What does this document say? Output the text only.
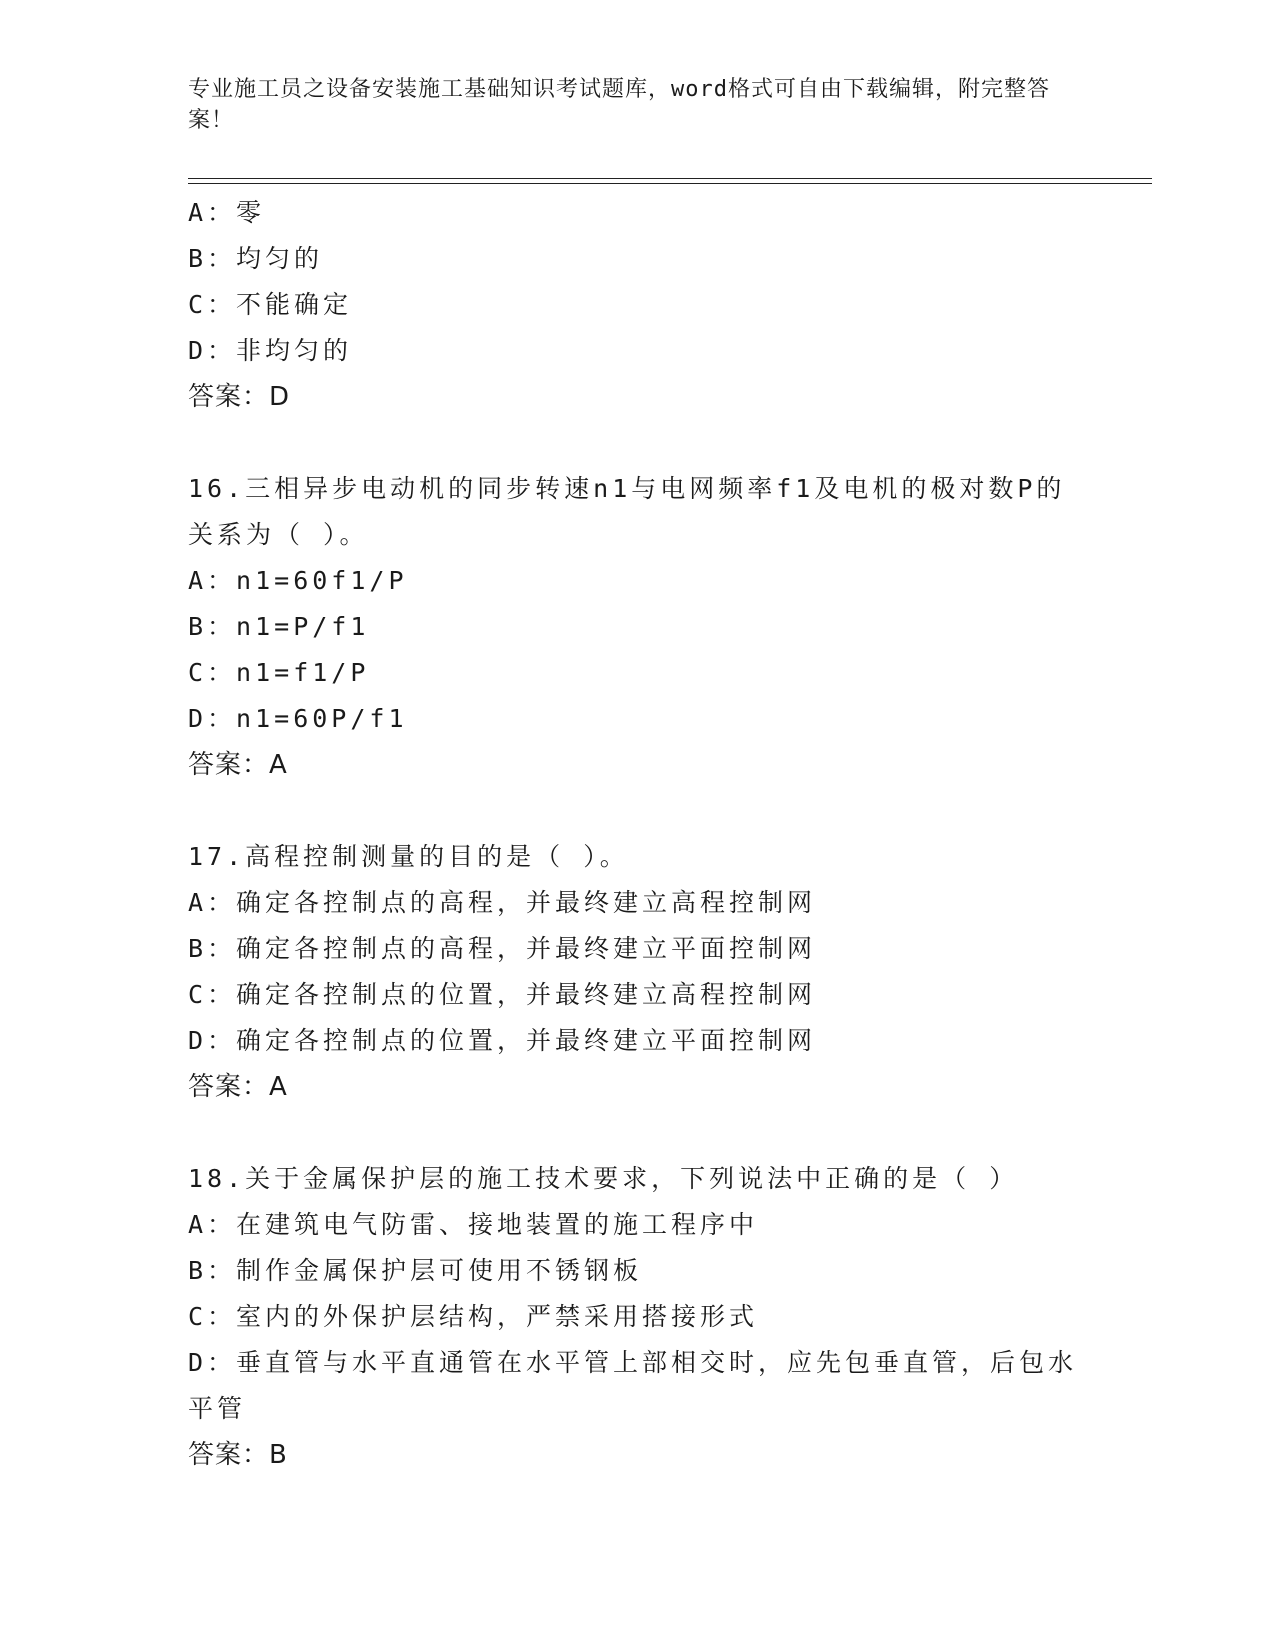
专业施工员之设备安装施工基础知识考试题库，word格式可自由下载编辑，附完整答案！

A：零

B：均匀的

C：不能确定

D：非均匀的

答案：D

16.三相异步电动机的同步转速n1与电网频率f1及电机的极对数P的关系为（ ）。

A：n1=60f1/P

B：n1=P/f1

C：n1=f1/P

D：n1=60P/f1

答案：A

17.高程控制测量的目的是（ ）。

A：确定各控制点的高程，并最终建立高程控制网

B：确定各控制点的高程，并最终建立平面控制网

C：确定各控制点的位置，并最终建立高程控制网

D：确定各控制点的位置，并最终建立平面控制网

答案：A

18.关于金属保护层的施工技术要求，下列说法中正确的是（ ）

A：在建筑电气防雷、接地装置的施工程序中

B：制作金属保护层可使用不锈钢板

C：室内的外保护层结构，严禁采用搭接形式

D：垂直管与水平直通管在水平管上部相交时，应先包垂直管，后包水平管

答案：B
